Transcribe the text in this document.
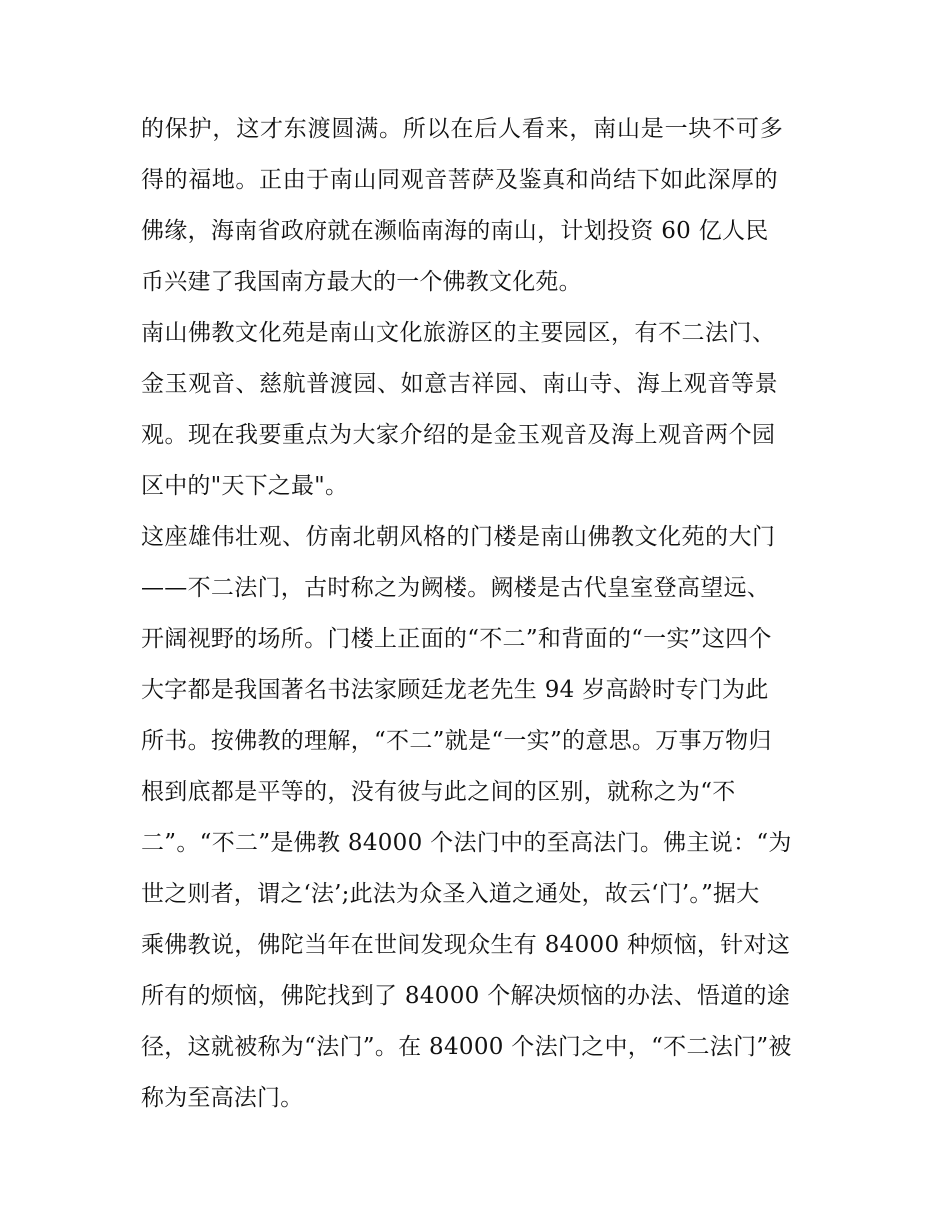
的保护，这才东渡圆满。所以在后人看来，南山是一块不可多
得的福地。正由于南山同观音菩萨及鉴真和尚结下如此深厚的
佛缘，海南省政府就在濒临南海的南山，计划投资 60 亿人民
币兴建了我国南方最大的一个佛教文化苑。
南山佛教文化苑是南山文化旅游区的主要园区，有不二法门、
金玉观音、慈航普渡园、如意吉祥园、南山寺、海上观音等景
观。现在我要重点为大家介绍的是金玉观音及海上观音两个园
区中的"天下之最"。
这座雄伟壮观、仿南北朝风格的门楼是南山佛教文化苑的大门
——不二法门，古时称之为阙楼。阙楼是古代皇室登高望远、
开阔视野的场所。门楼上正面的“不二”和背面的“一实”这四个
大字都是我国著名书法家顾廷龙老先生 94 岁高龄时专门为此
所书。按佛教的理解，“不二”就是“一实”的意思。万事万物归
根到底都是平等的，没有彼与此之间的区别，就称之为“不
二”。“不二”是佛教 84000 个法门中的至高法门。佛主说：“为
世之则者，谓之‘法’;此法为众圣入道之通处，故云‘门’。”据大
乘佛教说，佛陀当年在世间发现众生有 84000 种烦恼，针对这
所有的烦恼，佛陀找到了 84000 个解决烦恼的办法、悟道的途
径，这就被称为“法门”。在 84000 个法门之中，“不二法门”被
称为至高法门。
